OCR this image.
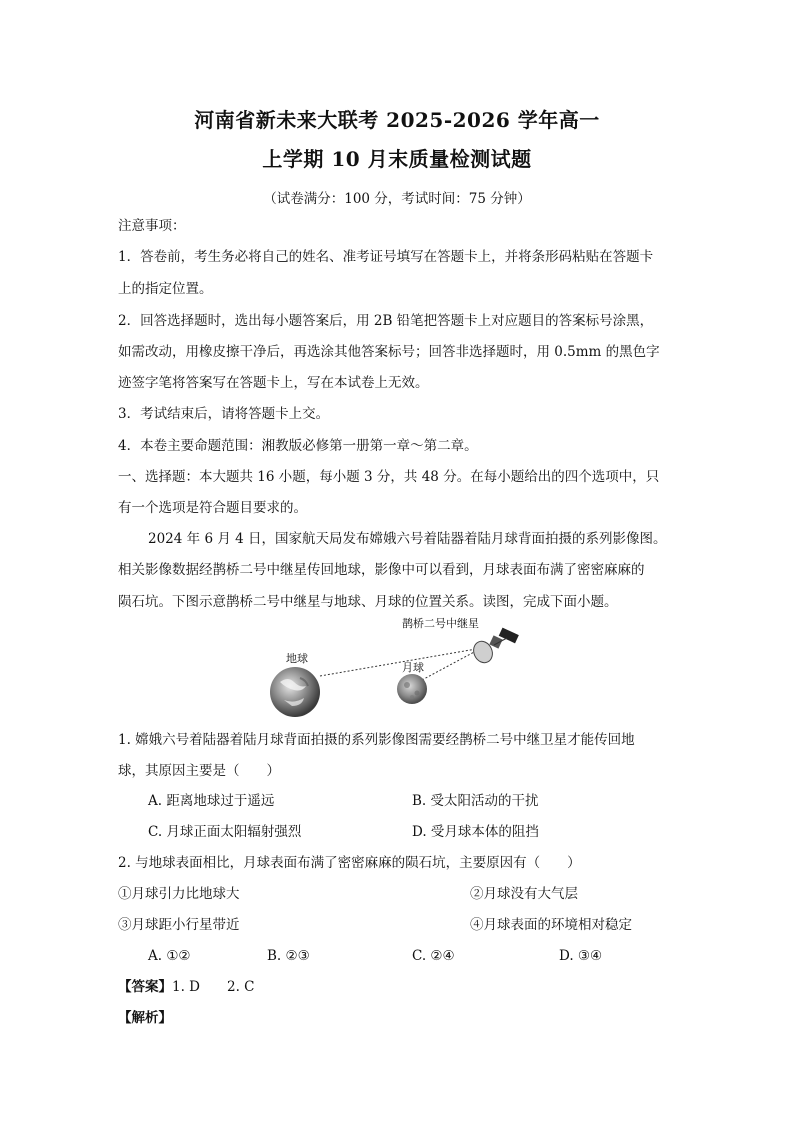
河南省新未来大联考 2025-2026 学年高一
上学期 10 月末质量检测试题
（试卷满分：100 分，考试时间：75 分钟）
注意事项：
1．答卷前，考生务必将自己的姓名、准考证号填写在答题卡上，并将条形码粘贴在答题卡
上的指定位置。
2．回答选择题时，选出每小题答案后，用 2B 铅笔把答题卡上对应题目的答案标号涂黑，
如需改动，用橡皮擦干净后，再选涂其他答案标号；回答非选择题时，用 0.5mm 的黑色字
迹签字笔将答案写在答题卡上，写在本试卷上无效。
3．考试结束后，请将答题卡上交。
4．本卷主要命题范围：湘教版必修第一册第一章～第二章。
一、选择题：本大题共 16 小题，每小题 3 分，共 48 分。在每小题给出的四个选项中，只
有一个选项是符合题目要求的。
2024 年 6 月 4 日，国家航天局发布嫦娥六号着陆器着陆月球背面拍摄的系列影像图。
相关影像数据经鹊桥二号中继星传回地球，影像中可以看到，月球表面布满了密密麻麻的
陨石坑。下图示意鹊桥二号中继星与地球、月球的位置关系。读图，完成下面小题。
地球
月球
鹊桥二号中继星
1. 嫦娥六号着陆器着陆月球背面拍摄的系列影像图需要经鹊桥二号中继卫星才能传回地
球，其原因主要是（　　）
A. 距离地球过于遥远	B. 受太阳活动的干扰
C. 月球正面太阳辐射强烈	D. 受月球本体的阻挡
2. 与地球表面相比，月球表面布满了密密麻麻的陨石坑，主要原因有（　　）
①月球引力比地球大	②月球没有大气层
③月球距小行星带近	④月球表面的环境相对稳定
A. ①②	B. ②③	C. ②④	D. ③④
【答案】1. D　　2. C
【解析】
